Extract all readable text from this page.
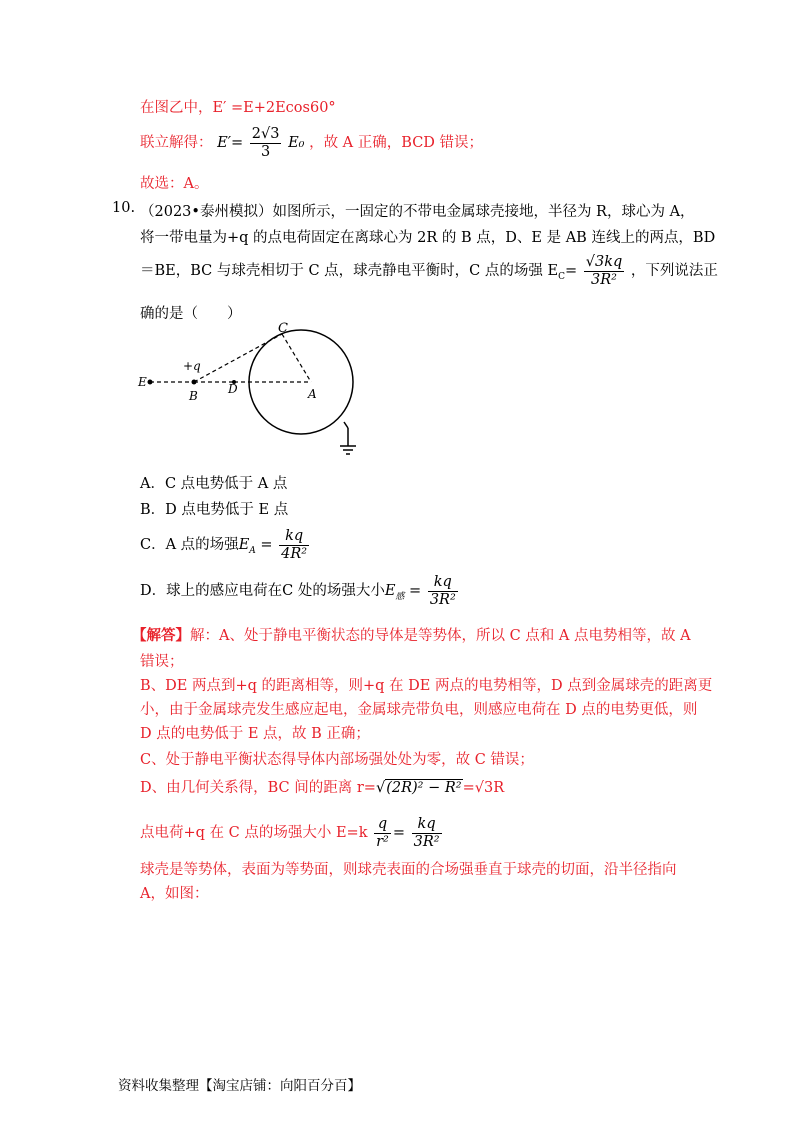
在图乙中，E′ =E+2Ecos60°
联立解得： $E'= \frac{2√3}{3} E_0$ ，故 A 正确，BCD 错误；
故选：A。
10. （2023•泰州模拟）如图所示，一固定的不带电金属球壳接地，半径为 R，球心为 A，
将一带电量为+q 的点电荷固定在离球心为 2R 的 B 点，D、E 是 AB 连线上的两点，BD
＝BE，BC 与球壳相切于 C 点，球壳静电平衡时，C 点的场强 $E_C= \frac{√3kq}{\text{3R²}}$ ，下列说法正
确的是（　　）
C
+q
E
B	D	A
A．C 点电势低于 A 点
B．D 点电势低于 E 点
C．A 点的场强$E_A = \frac{kq}{\text{4R²}}$
D．球上的感应电荷在C 处的场强大小$E_感 = \frac{kq}{\text{3R²}}$
【解答】解：A、处于静电平衡状态的导体是等势体，所以 C 点和 A 点电势相等，故 A
错误；
B、DE 两点到+q 的距离相等，则+q 在 DE 两点的电势相等，D 点到金属球壳的距离更
小，由于金属球壳发生感应起电，金属球壳带负电，则感应电荷在 D 点的电势更低，则
D 点的电势低于 E 点，故 B 正确；
C、处于静电平衡状态得导体内部场强处处为零，故 C 错误；
D、由几何关系得，BC 间的距离 r=√(2R)² − R²=√3R
点电荷+q 在 C 点的场强大小 $E=k \frac{q}{\text{r²}} = \frac{kq}{\text{3R²}}$
球壳是等势体，表面为等势面，则球壳表面的合场强垂直于球壳的切面，沿半径指向
A，如图：
资料收集整理【淘宝店铺：向阳百分百】
